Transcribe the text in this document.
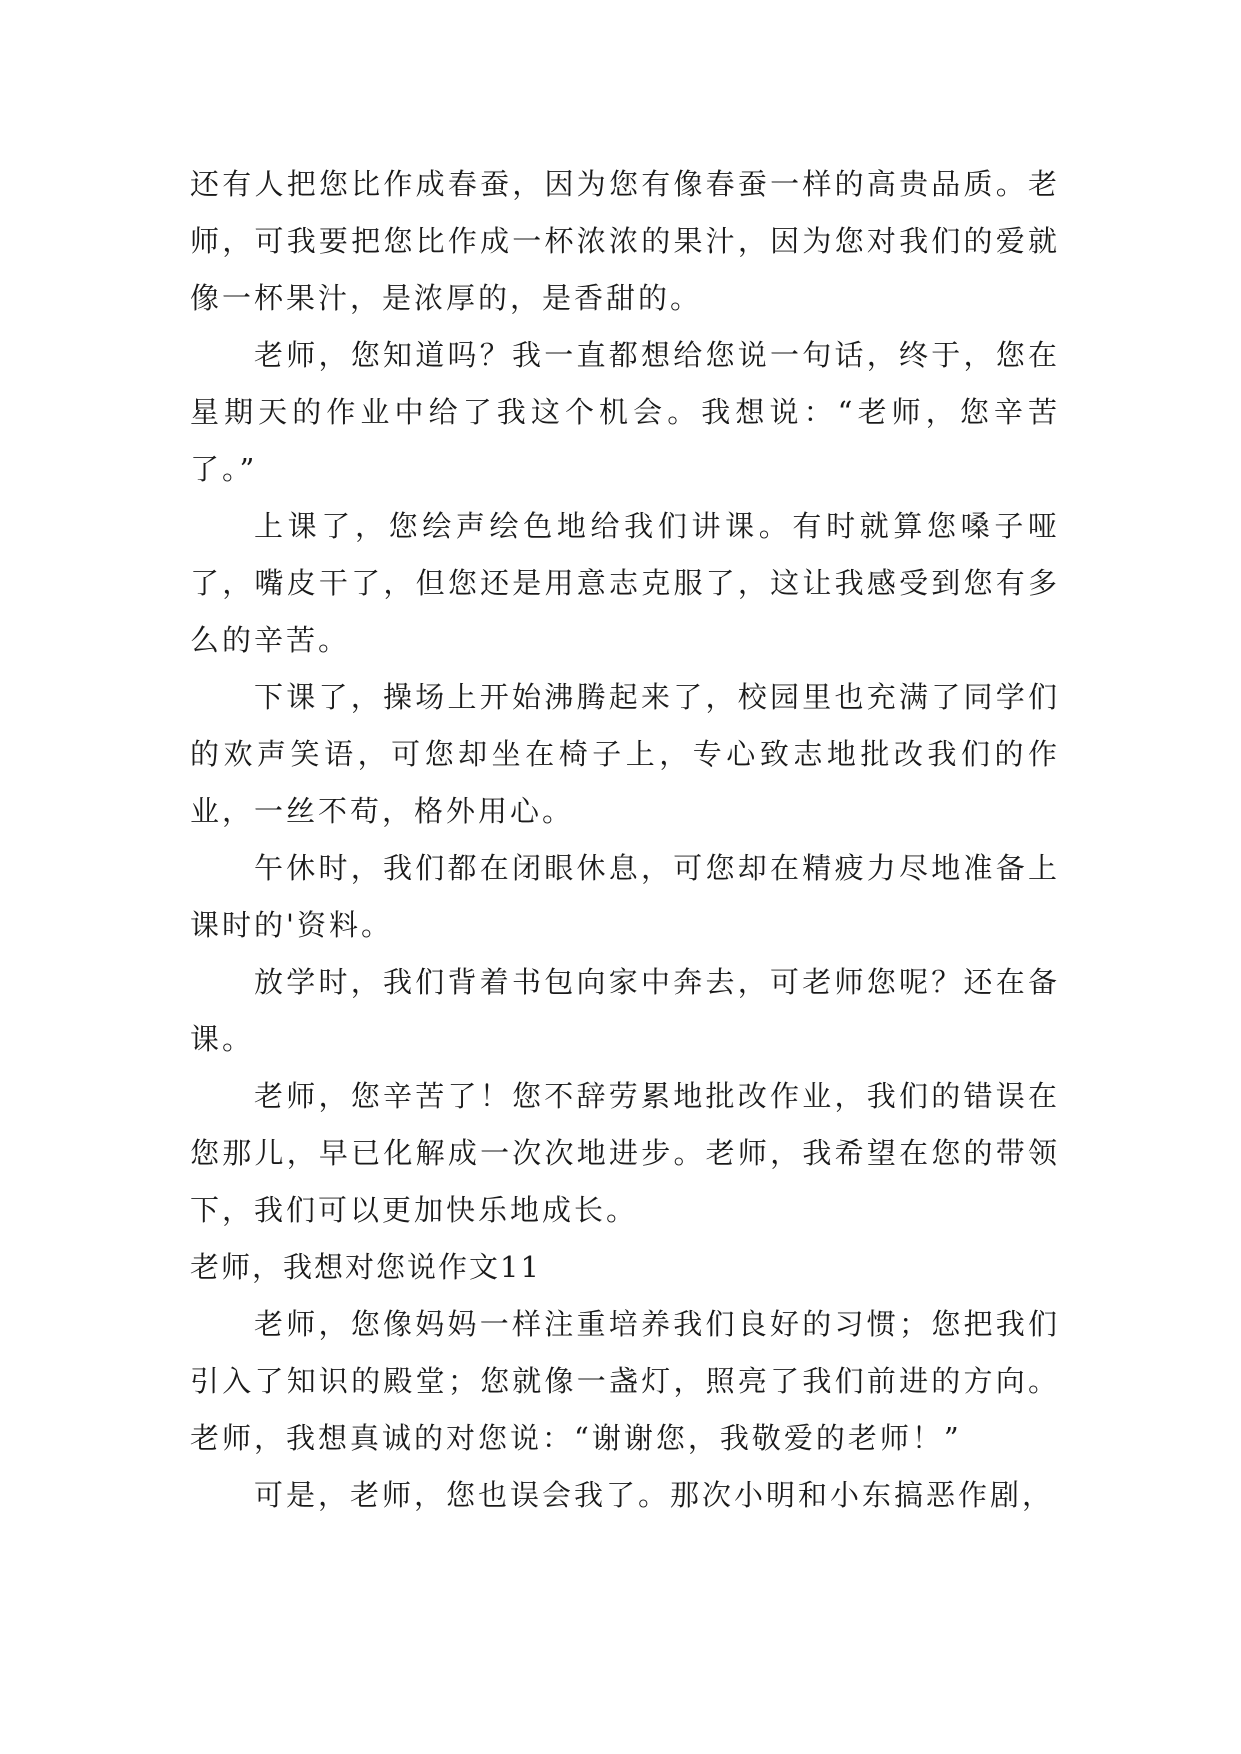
还有人把您比作成春蚕，因为您有像春蚕一样的高贵品质。老师，可我要把您比作成一杯浓浓的果汁，因为您对我们的爱就像一杯果汁，是浓厚的，是香甜的。

老师，您知道吗？我一直都想给您说一句话，终于，您在星期天的作业中给了我这个机会。我想说：“老师，您辛苦了。”

上课了，您绘声绘色地给我们讲课。有时就算您嗓子哑了，嘴皮干了，但您还是用意志克服了，这让我感受到您有多么的辛苦。

下课了，操场上开始沸腾起来了，校园里也充满了同学们的欢声笑语，可您却坐在椅子上，专心致志地批改我们的作业，一丝不苟，格外用心。

午休时，我们都在闭眼休息，可您却在精疲力尽地准备上课时的'资料。

放学时，我们背着书包向家中奔去，可老师您呢？还在备课。

老师，您辛苦了！您不辞劳累地批改作业，我们的错误在您那儿，早已化解成一次次地进步。老师，我希望在您的带领下，我们可以更加快乐地成长。

老师，我想对您说作文11

老师，您像妈妈一样注重培养我们良好的习惯；您把我们引入了知识的殿堂；您就像一盏灯，照亮了我们前进的方向。老师，我想真诚的对您说：“谢谢您，我敬爱的老师！”

可是，老师，您也误会我了。那次小明和小东搞恶作剧，
